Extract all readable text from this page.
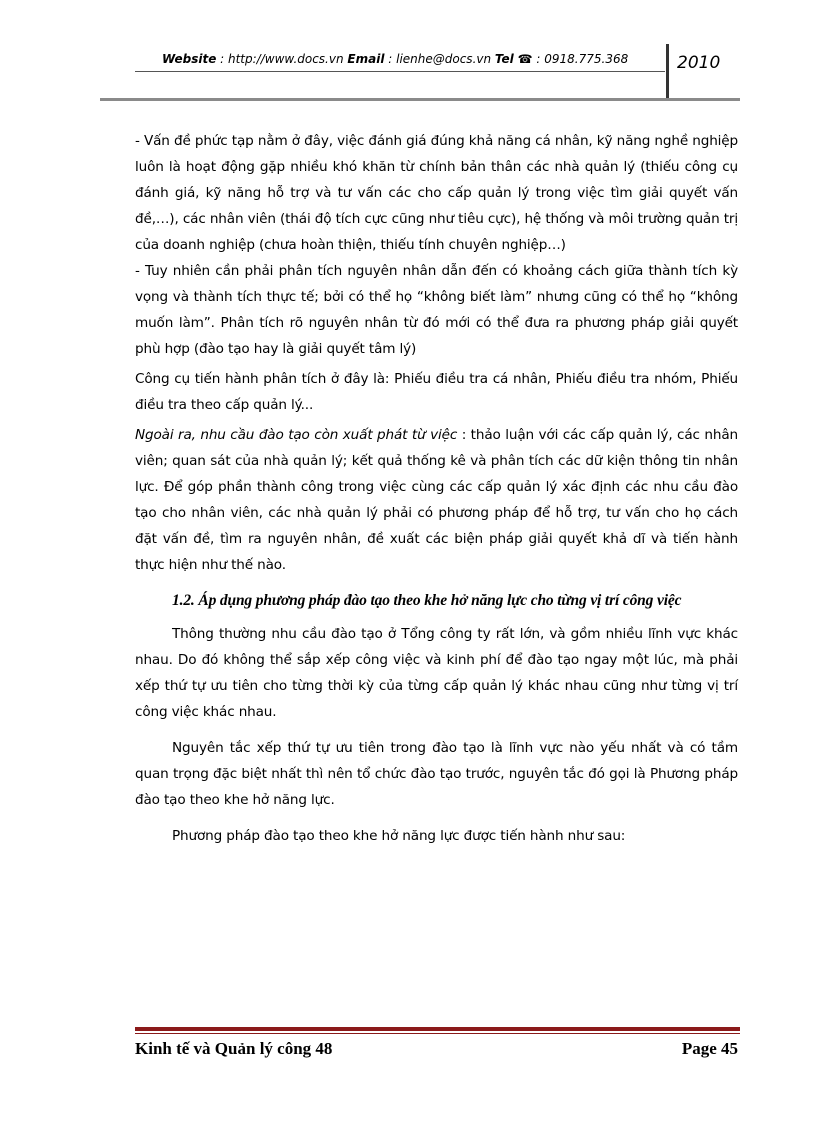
Website : http://www.docs.vn Email : lienhe@docs.vn Tel ☎ : 0918.775.368	2010

- Vấn đề phức tạp nằm ở đây, việc đánh giá đúng khả năng cá nhân, kỹ năng nghề nghiệp luôn là hoạt động gặp nhiều khó khăn từ chính bản thân các nhà quản lý (thiếu công cụ đánh giá, kỹ năng hỗ trợ và tư vấn các cho cấp quản lý trong việc tìm giải quyết vấn đề,…), các nhân viên (thái độ tích cực cũng như tiêu cực), hệ thống và môi trường quản trị của doanh nghiệp (chưa hoàn thiện, thiếu tính chuyên nghiệp…)

- Tuy nhiên cần phải phân tích nguyên nhân dẫn đến có khoảng cách giữa thành tích kỳ vọng và thành tích thực tế; bởi có thể họ “không biết làm” nhưng cũng có thể họ “không muốn làm”. Phân tích rõ nguyên nhân từ đó mới có thể đưa ra phương pháp giải quyết phù hợp (đào tạo hay là giải quyết tâm lý)

Công cụ tiến hành phân tích ở đây là: Phiếu điều tra cá nhân, Phiếu điều tra nhóm, Phiếu điều tra theo cấp quản lý...

Ngoài ra, nhu cầu đào tạo còn xuất phát từ việc : thảo luận với các cấp quản lý, các nhân viên; quan sát của nhà quản lý; kết quả thống kê và phân tích các dữ kiện thông tin nhân lực. Để góp phần thành công trong việc cùng các cấp quản lý xác định các nhu cầu đào tạo cho nhân viên, các nhà quản lý phải có phương pháp để hỗ trợ, tư vấn cho họ cách đặt vấn đề, tìm ra nguyên nhân, đề xuất các biện pháp giải quyết khả dĩ và tiến hành thực hiện như thế nào.

1.2. Áp dụng phương pháp đào tạo theo khe hở năng lực cho từng vị trí công việc

Thông thường nhu cầu đào tạo ở Tổng công ty rất lớn, và gồm nhiều lĩnh vực khác nhau. Do đó không thể sắp xếp công việc và kinh phí để đào tạo ngay một lúc, mà phải xếp thứ tự ưu tiên cho từng thời kỳ của từng cấp quản lý khác nhau cũng như từng vị trí công việc khác nhau.

Nguyên tắc xếp thứ tự ưu tiên trong đào tạo là lĩnh vực nào yếu nhất và có tầm quan trọng đặc biệt nhất thì nên tổ chức đào tạo trước, nguyên tắc đó gọi là Phương pháp đào tạo theo khe hở năng lực.

Phương pháp đào tạo theo khe hở năng lực được tiến hành như sau:

Kinh tế và Quản lý công 48	Page 45
